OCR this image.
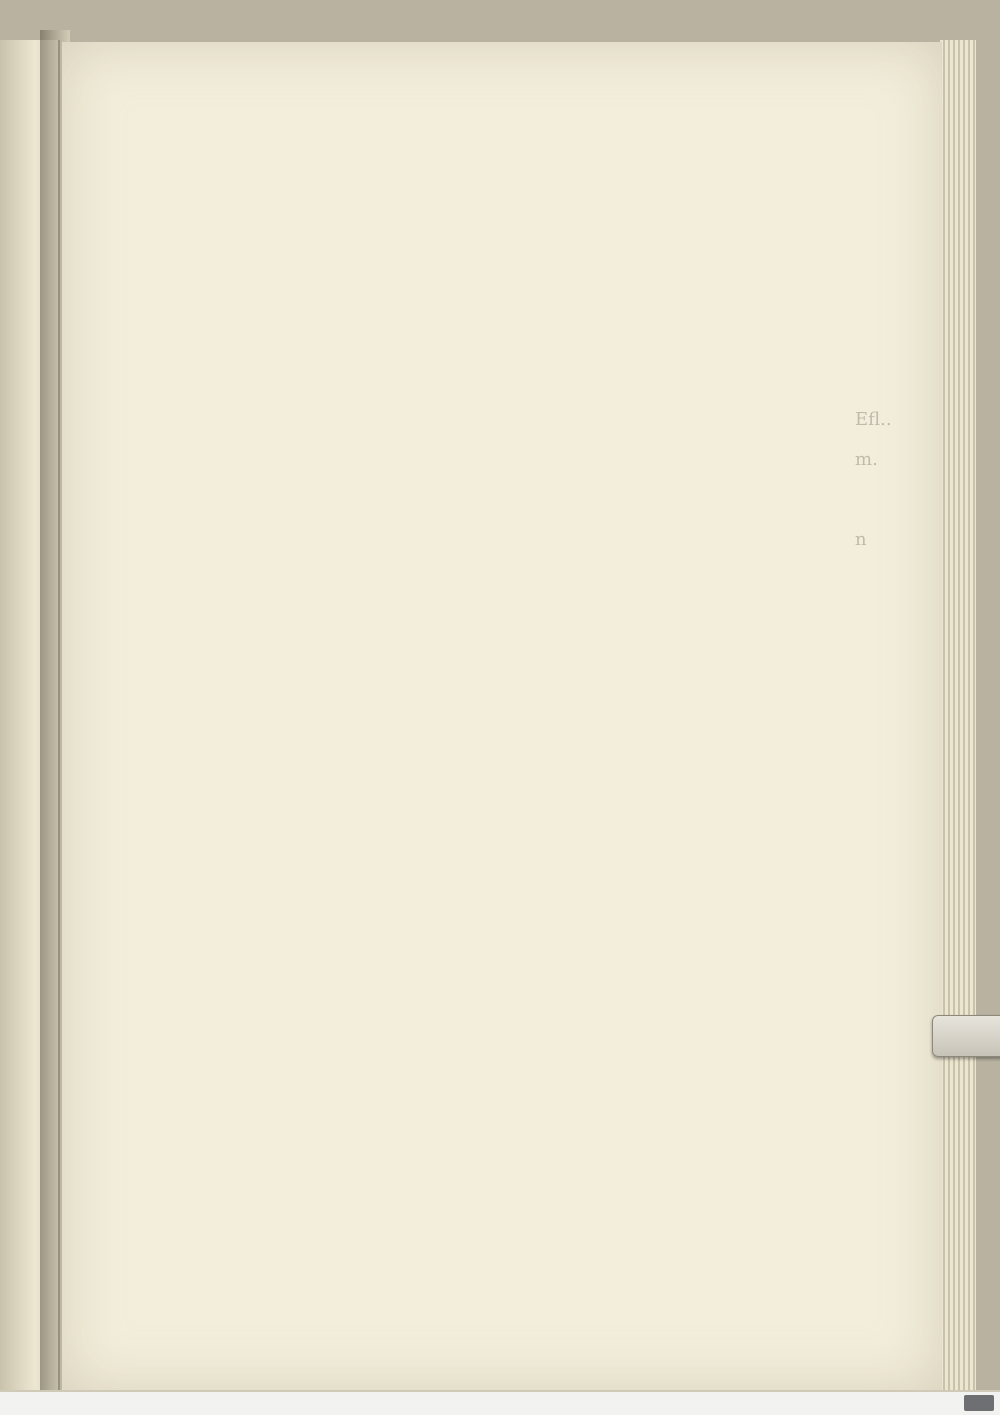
Efl..
m.

n
